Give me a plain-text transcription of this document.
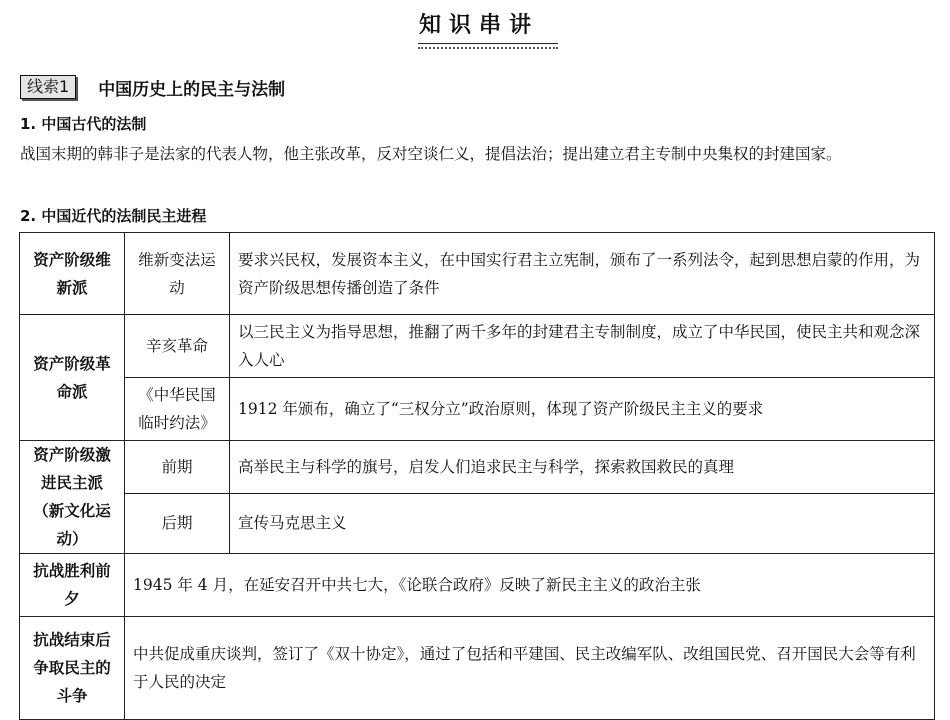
知识串讲
线索1	中国历史上的民主与法制
1. 中国古代的法制
战国末期的韩非子是法家的代表人物，他主张改革，反对空谈仁义，提倡法治；提出建立君主专制中央集权的封建国家。
2. 中国近代的法制民主进程
资产阶级维新派	维新变法运动	要求兴民权，发展资本主义，在中国实行君主立宪制，颁布了一系列法令，起到思想启蒙的作用，为资产阶级思想传播创造了条件
资产阶级革命派	辛亥革命	以三民主义为指导思想，推翻了两千多年的封建君主专制制度，成立了中华民国，使民主共和观念深入人心
	《中华民国临时约法》	1912 年颁布，确立了“三权分立”政治原则，体现了资产阶级民主主义的要求
资产阶级激进民主派（新文化运动）	前期	高举民主与科学的旗号，启发人们追求民主与科学，探索救国救民的真理
	后期	宣传马克思主义
抗战胜利前夕	1945 年 4 月，在延安召开中共七大，《论联合政府》反映了新民主主义的政治主张	
抗战结束后争取民主的斗争	中共促成重庆谈判，签订了《双十协定》，通过了包括和平建国、民主改编军队、改组国民党、召开国民大会等有利于人民的决定	
